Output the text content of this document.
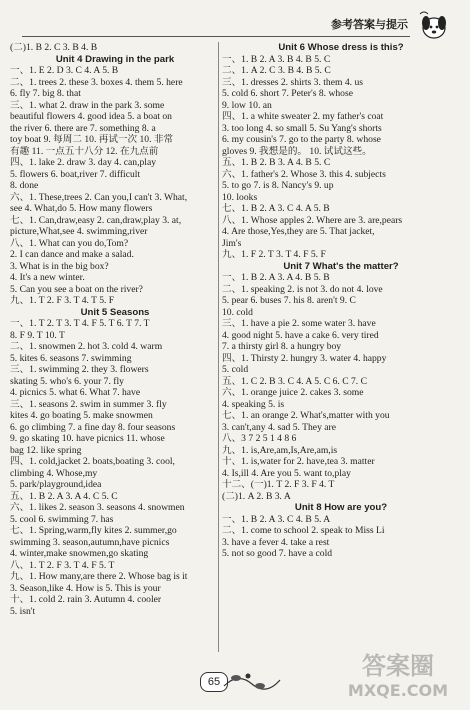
参考答案与提示
(二)1. B 2. C 3. B 4. B
Unit 4 Drawing in the park
一、1. E 2. D 3. C 4. A 5. B
二、1. trees 2. these 3. boxes 4. them 5. here
6. fly 7. big 8. that
三、1. what 2. draw in the park 3. some
beautiful flowers 4. good idea 5. a boat on
the river 6. there are 7. something 8. a
toy boat 9. 每周二 10. 再试一次 10. 非常
有趣 11. 一点五十八分 12. 在九点前
四、1. lake 2. draw 3. day 4. can,play
5. flowers 6. boat,river 7. difficult
8. done
六、1. These,trees 2. Can you,I can't 3. What,
see 4. What,do 5. How many flowers
七、1. Can,draw,easy 2. can,draw,play 3. at,
picture,What,see 4. swimming,river
八、1. What can you do,Tom?
2. I can dance and make a salad.
3. What is in the big box?
4. It's a new winter.
5. Can you see a boat on the river?
九、1. T 2. F 3. T 4. T 5. F
Unit 5 Seasons
一、1. T 2. T 3. T 4. F 5. T 6. T 7. T
8. F 9. T 10. T
二、1. snowmen 2. hot 3. cold 4. warm
5. kites 6. seasons 7. swimming
三、1. swimming 2. they 3. flowers
skating 5. who's 6. your 7. fly
4. picnics 5. what 6. What 7. have
三、1. seasons 2. swim in summer 3. fly
kites 4. go boating 5. make snowmen
6. go climbing 7. a fine day 8. four seasons
9. go skating 10. have picnics 11. whose
bag 12. like spring
四、1. cold,jacket 2. boats,boating 3. cool,
climbing 4. Whose,my
5. park/playground,idea
五、1. B 2. A 3. A 4. C 5. C
六、1. likes 2. season 3. seasons 4. snowmen
5. cool 6. swimming 7. has
七、1. Spring,warm,fly kites 2. summer,go
swimming 3. season,autumn,have picnics
4. winter,make snowmen,go skating
八、1. T 2. F 3. T 4. F 5. T
九、1. How many,are there 2. Whose bag is it
3. Season,like 4. How is 5. This is your
十、1. cold 2. rain 3. Autumn 4. cooler
5. isn't
Unit 6 Whose dress is this?
一、1. B 2. A 3. B 4. B 5. C
二、1. A 2. C 3. B 4. B 5. C
三、1. dresses 2. shirts 3. them 4. us
5. cold 6. short 7. Peter's 8. whose
9. low 10. an
四、1. a white sweater 2. my father's coat
3. too long 4. so small 5. Su Yang's shorts
6. my cousin's 7. go to the party 8. whose
gloves 9. 我想是的。 10. 试试这些。
五、1. B 2. B 3. A 4. B 5. C
六、1. father's 2. Whose 3. this 4. subjects
5. to go 7. is 8. Nancy's 9. up
10. looks
七、1. B 2. A 3. C 4. A 5. B
八、1. Whose apples 2. Where are 3. are,pears
4. Are those,Yes,they are 5. That jacket,
Jim's
九、1. F 2. T 3. T 4. F 5. F
Unit 7 What's the matter?
一、1. B 2. A 3. A 4. B 5. B
二、1. speaking 2. is not 3. do not 4. love
5. pear 6. buses 7. his 8. aren't 9. C
10. cold
三、1. have a pie 2. some water 3. have
4. good night 5. have a cake 6. very tired
7. a thirsty girl 8. a hungry boy
四、1. Thirsty 2. hungry 3. water 4. happy
5. cold
五、1. C 2. B 3. C 4. A 5. C 6. C 7. C
六、1. orange juice 2. cakes 3. some
4. speaking 5. is
七、1. an orange 2. What's,matter with you
3. can't,any 4. sad 5. They are
八、3 7 2 5 1 4 8 6
九、1. is,Are,am,Is,Are,am,is
十、1. is,water for 2. have,tea 3. matter
4. Is,ill 4. Are you 5. want to,play
十二、(一)1. T 2. F 3. F 4. T
(二)1. A 2. B 3. A
Unit 8 How are you?
一、1. B 2. A 3. C 4. B 5. A
二、1. come to school 2. speak to Miss Li
3. have a fever 4. take a rest
5. not so good 7. have a cold
65
答案圈
MXQE.COM
